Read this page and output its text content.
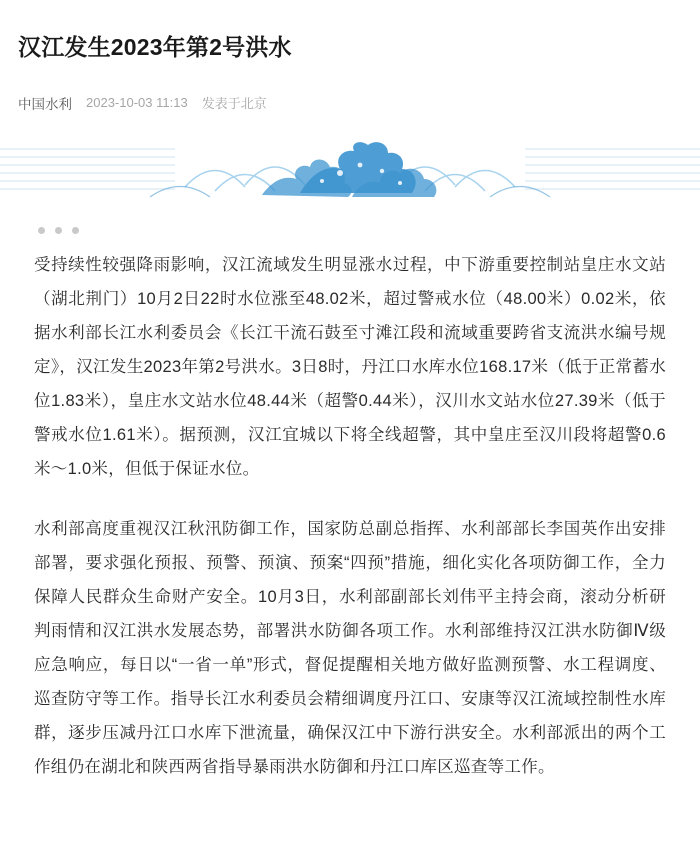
汉江发生2023年第2号洪水
中国水利 2023-10-03 11:13 发表于北京

受持续性较强降雨影响，汉江流域发生明显涨水过程，中下游重要控制站皇庄水文站（湖北荆门）10月2日22时水位涨至48.02米，超过警戒水位（48.00米）0.02米，依据水利部长江水利委员会《长江干流石鼓至寸滩江段和流域重要跨省支流洪水编号规定》，汉江发生2023年第2号洪水。3日8时，丹江口水库水位168.17米（低于正常蓄水位1.83米），皇庄水文站水位48.44米（超警0.44米），汉川水文站水位27.39米（低于警戒水位1.61米）。据预测，汉江宜城以下将全线超警，其中皇庄至汉川段将超警0.6米～1.0米，但低于保证水位。

水利部高度重视汉江秋汛防御工作，国家防总副总指挥、水利部部长李国英作出安排部署，要求强化预报、预警、预演、预案“四预”措施，细化实化各项防御工作，全力保障人民群众生命财产安全。10月3日，水利部副部长刘伟平主持会商，滚动分析研判雨情和汉江洪水发展态势，部署洪水防御各项工作。水利部维持汉江洪水防御Ⅳ级应急响应，每日以“一省一单”形式，督促提醒相关地方做好监测预警、水工程调度、巡查防守等工作。指导长江水利委员会精细调度丹江口、安康等汉江流域控制性水库群，逐步压减丹江口水库下泄流量，确保汉江中下游行洪安全。水利部派出的两个工作组仍在湖北和陕西两省指导暴雨洪水防御和丹江口库区巡查等工作。
